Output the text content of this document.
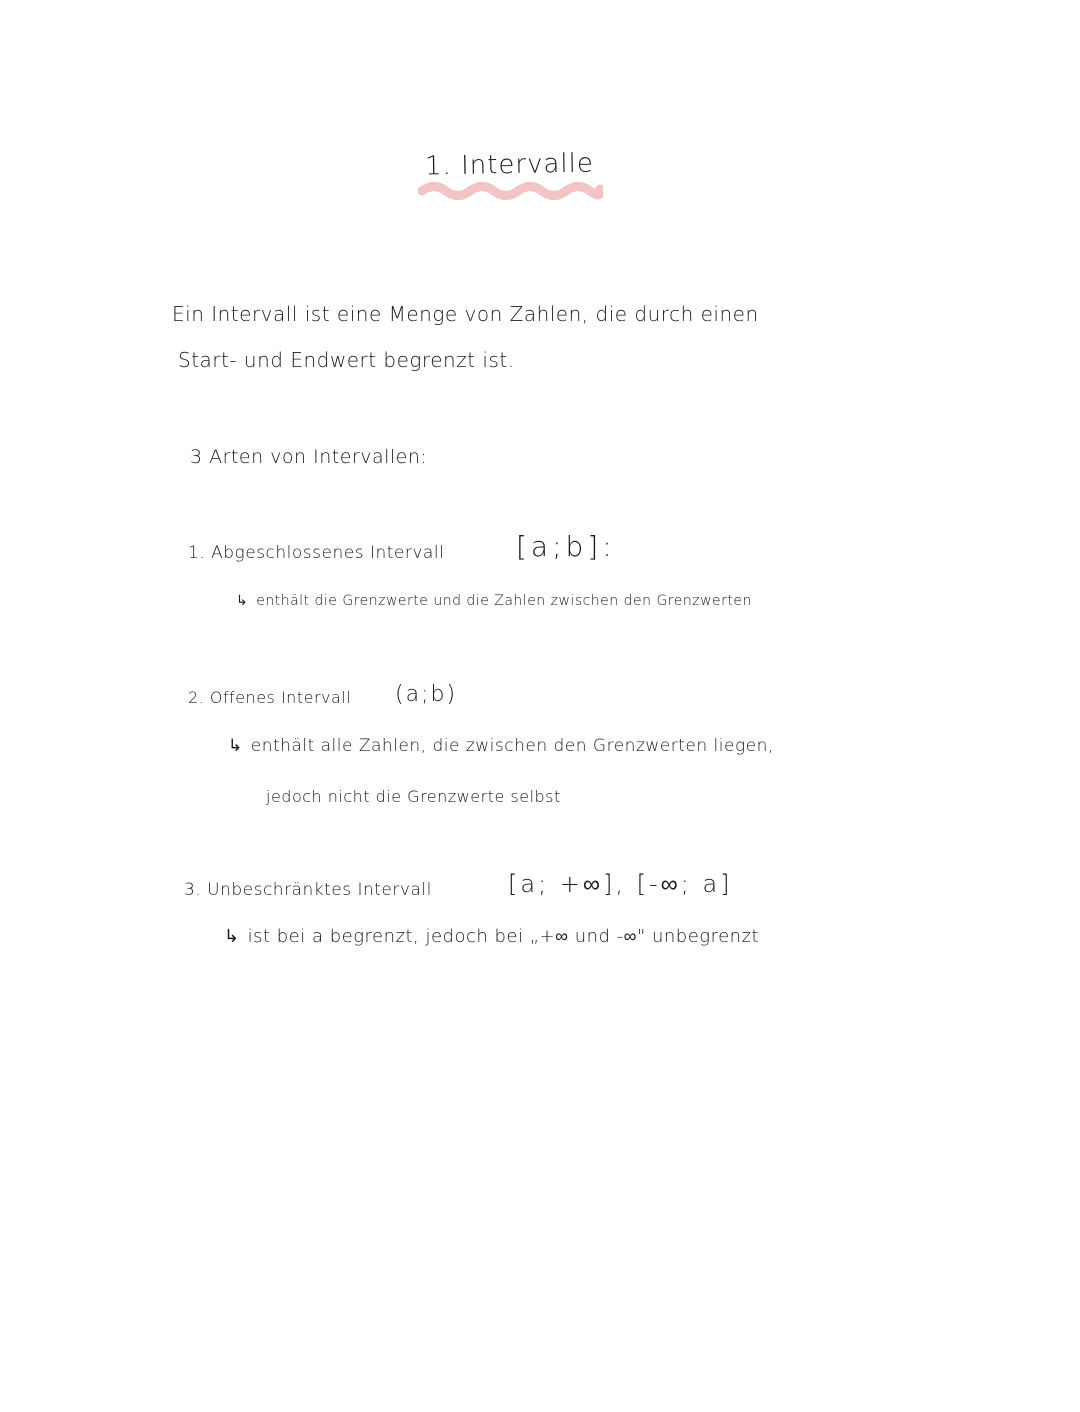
1. Intervalle
Ein Intervall ist eine Menge von Zahlen, die durch einen
Start- und Endwert begrenzt ist.
3 Arten von Intervallen:
1. Abgeschlossenes Intervall	[a;b]:
↳ enthält die Grenzwerte und die Zahlen zwischen den Grenzwerten
2. Offenes Intervall (a;b)
↳ enthält alle Zahlen, die zwischen den Grenzwerten liegen,
jedoch nicht die Grenzwerte selbst
3. Unbeschränktes Intervall	[a; +∞], [-∞; a]
↳ ist bei a begrenzt, jedoch bei „+∞ und -∞" unbegrenzt
